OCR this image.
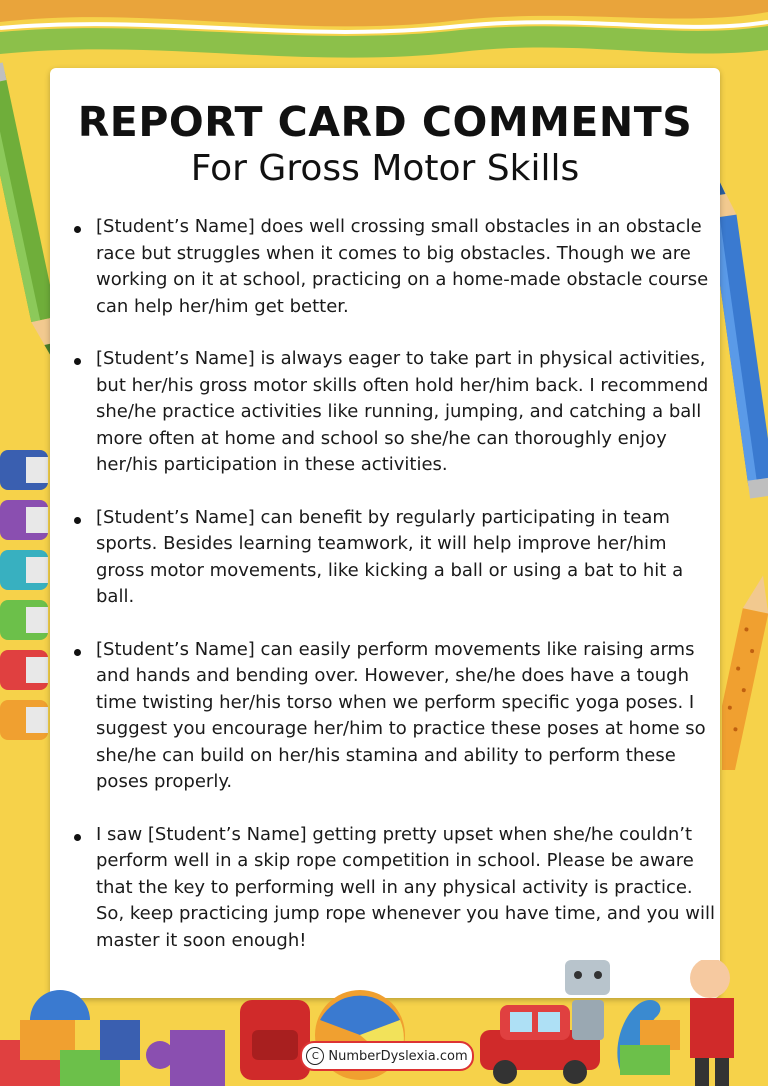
REPORT CARD COMMENTS
For Gross Motor Skills
[Student’s Name] does well crossing small obstacles in an obstacle race but struggles when it comes to big obstacles. Though we are working on it at school, practicing on a home-made obstacle course can help her/him get better.
[Student’s Name] is always eager to take part in physical activities, but her/his gross motor skills often hold her/him back. I recommend she/he practice activities like running, jumping, and catching a ball more often at home and school so she/he can thoroughly enjoy her/his participation in these activities.
[Student’s Name] can benefit by regularly participating in team sports. Besides learning teamwork, it will help improve her/him gross motor movements, like kicking a ball or using a bat to hit a ball.
[Student’s Name] can easily perform movements like raising arms and hands and bending over. However, she/he does have a tough time twisting her/his torso when we perform specific yoga poses. I suggest you encourage her/him to practice these poses at home so she/he can build on her/his stamina and ability to perform these poses properly.
I saw [Student’s Name] getting pretty upset when she/he couldn’t perform well in a skip rope competition in school. Please be aware that the key to performing well in any physical activity is practice. So, keep practicing jump rope whenever you have time, and you will master it soon enough!
C NumberDyslexia.com
